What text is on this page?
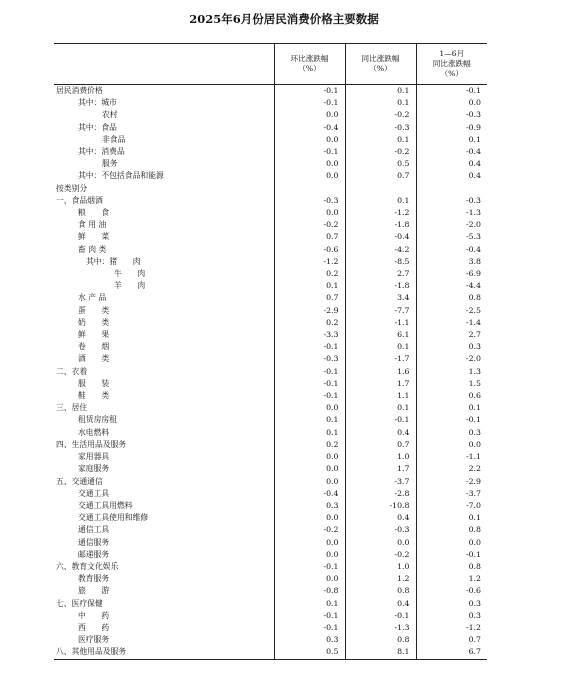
2025年6月份居民消费价格主要数据

	环比涨跌幅
（%）	同比涨跌幅
（%）	1—6月
同比涨跌幅
（%）

居民消费价格	-0.1	0.1	-0.1
其中：城市	-0.1	0.1	0.0
农村	0.0	-0.2	-0.3
其中：食品	-0.4	-0.3	-0.9
非食品	0.0	0.1	0.1
其中：消费品	-0.1	-0.2	-0.4
服务	0.0	0.5	0.4
其中：不包括食品和能源	0.0	0.7	0.4
按类别分			
一、食品烟酒	-0.3	0.1	-0.3
粮　　食	0.0	-1.2	-1.3
食 用 油	-0.2	-1.8	-2.0
鲜　　菜	0.7	-0.4	-5.3
畜 肉 类	-0.6	-4.2	-0.4
其中：猪　　肉	-1.2	-8.5	3.8
牛　　肉	0.2	2.7	-6.9
羊　　肉	0.1	-1.8	-4.4
水 产 品	0.7	3.4	0.8
蛋　　类	-2.9	-7.7	-2.5
奶　　类	0.2	-1.1	-1.4
鲜　　果	-3.3	6.1	2.7
卷　　烟	-0.1	0.1	0.3
酒　　类	-0.3	-1.7	-2.0
二、衣着	-0.1	1.6	1.3
服　　装	-0.1	1.7	1.5
鞋　　类	-0.1	1.1	0.6
三、居住	0.0	0.1	0.1
租赁房房租	0.1	-0.1	-0.1
水电燃料	0.1	0.4	0.3
四、生活用品及服务	0.2	0.7	0.0
家用器具	0.0	1.0	-1.1
家庭服务	0.0	1.7	2.2
五、交通通信	0.0	-3.7	-2.9
交通工具	-0.4	-2.8	-3.7
交通工具用燃料	0.3	-10.8	-7.0
交通工具使用和维修	0.0	0.4	0.1
通信工具	-0.2	-0.3	0.8
通信服务	0.0	0.0	0.0
邮递服务	0.0	-0.2	-0.1
六、教育文化娱乐	-0.1	1.0	0.8
教育服务	0.0	1.2	1.2
旅　　游	-0.8	0.8	-0.6
七、医疗保健	0.1	0.4	0.3
中　　药	-0.1	-0.1	0.3
西　　药	-0.1	-1.3	-1.2
医疗服务	0.3	0.8	0.7
八、其他用品及服务	0.5	8.1	6.7
